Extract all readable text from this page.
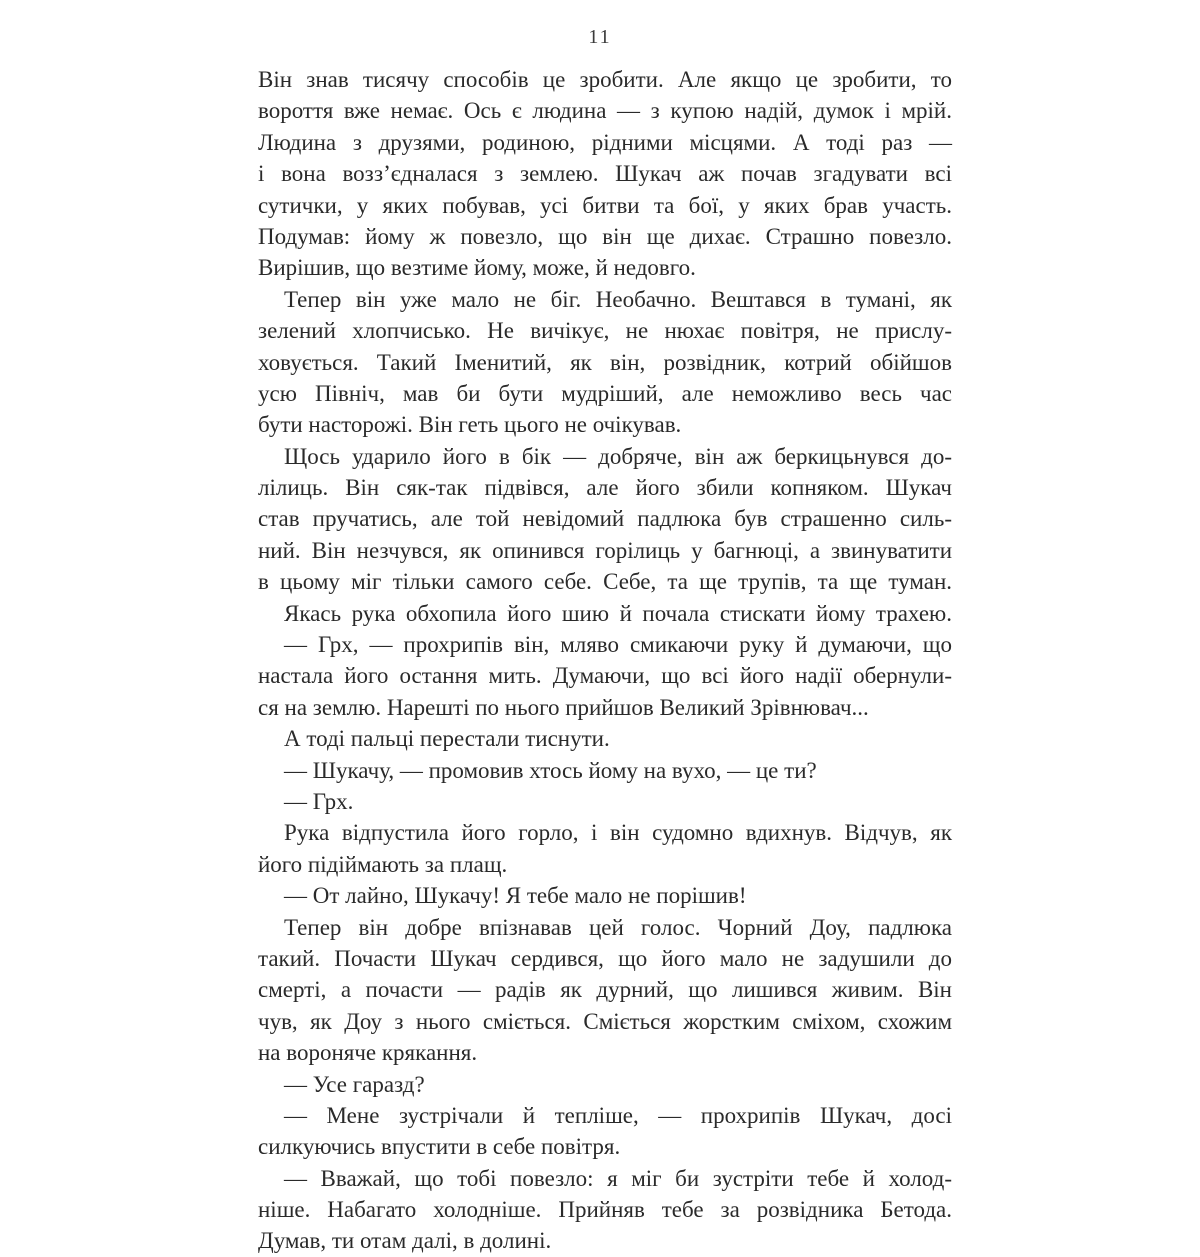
11
Він знав тисячу способів це зробити. Але якщо це зробити, то
вороття вже немає. Ось є людина — з купою надій, думок і мрій.
Людина з друзями, родиною, рідними місцями. А тоді раз —
і вона возз’єдналася з землею. Шукач аж почав згадувати всі
сутички, у яких побував, усі битви та бої, у яких брав участь.
Подумав: йому ж повезло, що він ще дихає. Страшно повезло.
Вирішив, що везтиме йому, може, й недовго.
Тепер він уже мало не біг. Необачно. Вештався в тумані, як
зелений хлопчисько. Не вичікує, не нюхає повітря, не прислу-
ховується. Такий Іменитий, як він, розвідник, котрий обійшов
усю Північ, мав би бути мудріший, але неможливо весь час
бути насторожі. Він геть цього не очікував.
Щось ударило його в бік — добряче, він аж беркицьнувся до-
лілиць. Він сяк-так підвівся, але його збили копняком. Шукач
став пручатись, але той невідомий падлюка був страшенно силь-
ний. Він незчувся, як опинився горілиць у багнюці, а звинуватити
в цьому міг тільки самого себе. Себе, та ще трупів, та ще туман.
Якась рука обхопила його шию й почала стискати йому трахею.
— Грх, — прохрипів він, мляво смикаючи руку й думаючи, що
настала його остання мить. Думаючи, що всі його надії обернули-
ся на землю. Нарешті по нього прийшов Великий Зрівнювач...
А тоді пальці перестали тиснути.
— Шукачу, — промовив хтось йому на вухо, — це ти?
— Грх.
Рука відпустила його горло, і він судомно вдихнув. Відчув, як
його підіймають за плащ.
— От лайно, Шукачу! Я тебе мало не порішив!
Тепер він добре впізнавав цей голос. Чорний Доу, падлюка
такий. Почасти Шукач сердився, що його мало не задушили до
смерті, а почасти — радів як дурний, що лишився живим. Він
чув, як Доу з нього сміється. Сміється жорстким сміхом, схожим
на вороняче крякання.
— Усе гаразд?
— Мене зустрічали й тепліше, — прохрипів Шукач, досі
силкуючись впустити в себе повітря.
— Вважай, що тобі повезло: я міг би зустріти тебе й холод-
ніше. Набагато холодніше. Прийняв тебе за розвідника Бетода.
Думав, ти отам далі, в долині.
